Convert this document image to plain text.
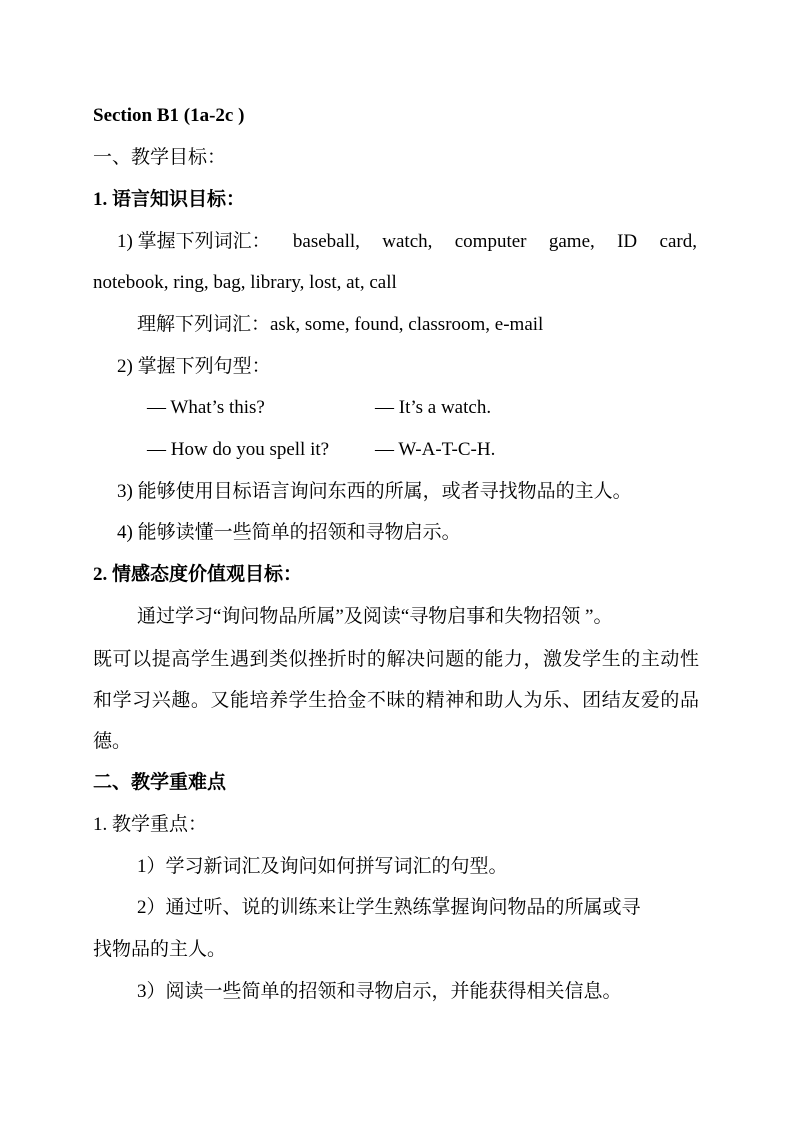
Section B1 (1a-2c )
一、教学目标：
1. 语言知识目标：
1) 掌握下列词汇： baseball, watch, computer game, ID card,
notebook, ring, bag, library, lost, at, call
理解下列词汇：ask, some, found, classroom, e-mail
2) 掌握下列句型：
— What’s this?	— It’s a watch.
— How do you spell it? — W-A-T-C-H.
3) 能够使用目标语言询问东西的所属，或者寻找物品的主人。
4) 能够读懂一些简单的招领和寻物启示。
2. 情感态度价值观目标：
通过学习“询问物品所属”及阅读“寻物启事和失物招领 ”。
既可以提高学生遇到类似挫折时的解决问题的能力，激发学生的主动性和学习兴趣。又能培养学生拾金不昧的精神和助人为乐、团结友爱的品德。
二、教学重难点
1. 教学重点：
1）学习新词汇及询问如何拼写词汇的句型。
2）通过听、说的训练来让学生熟练掌握询问物品的所属或寻
找物品的主人。
3）阅读一些简单的招领和寻物启示，并能获得相关信息。
